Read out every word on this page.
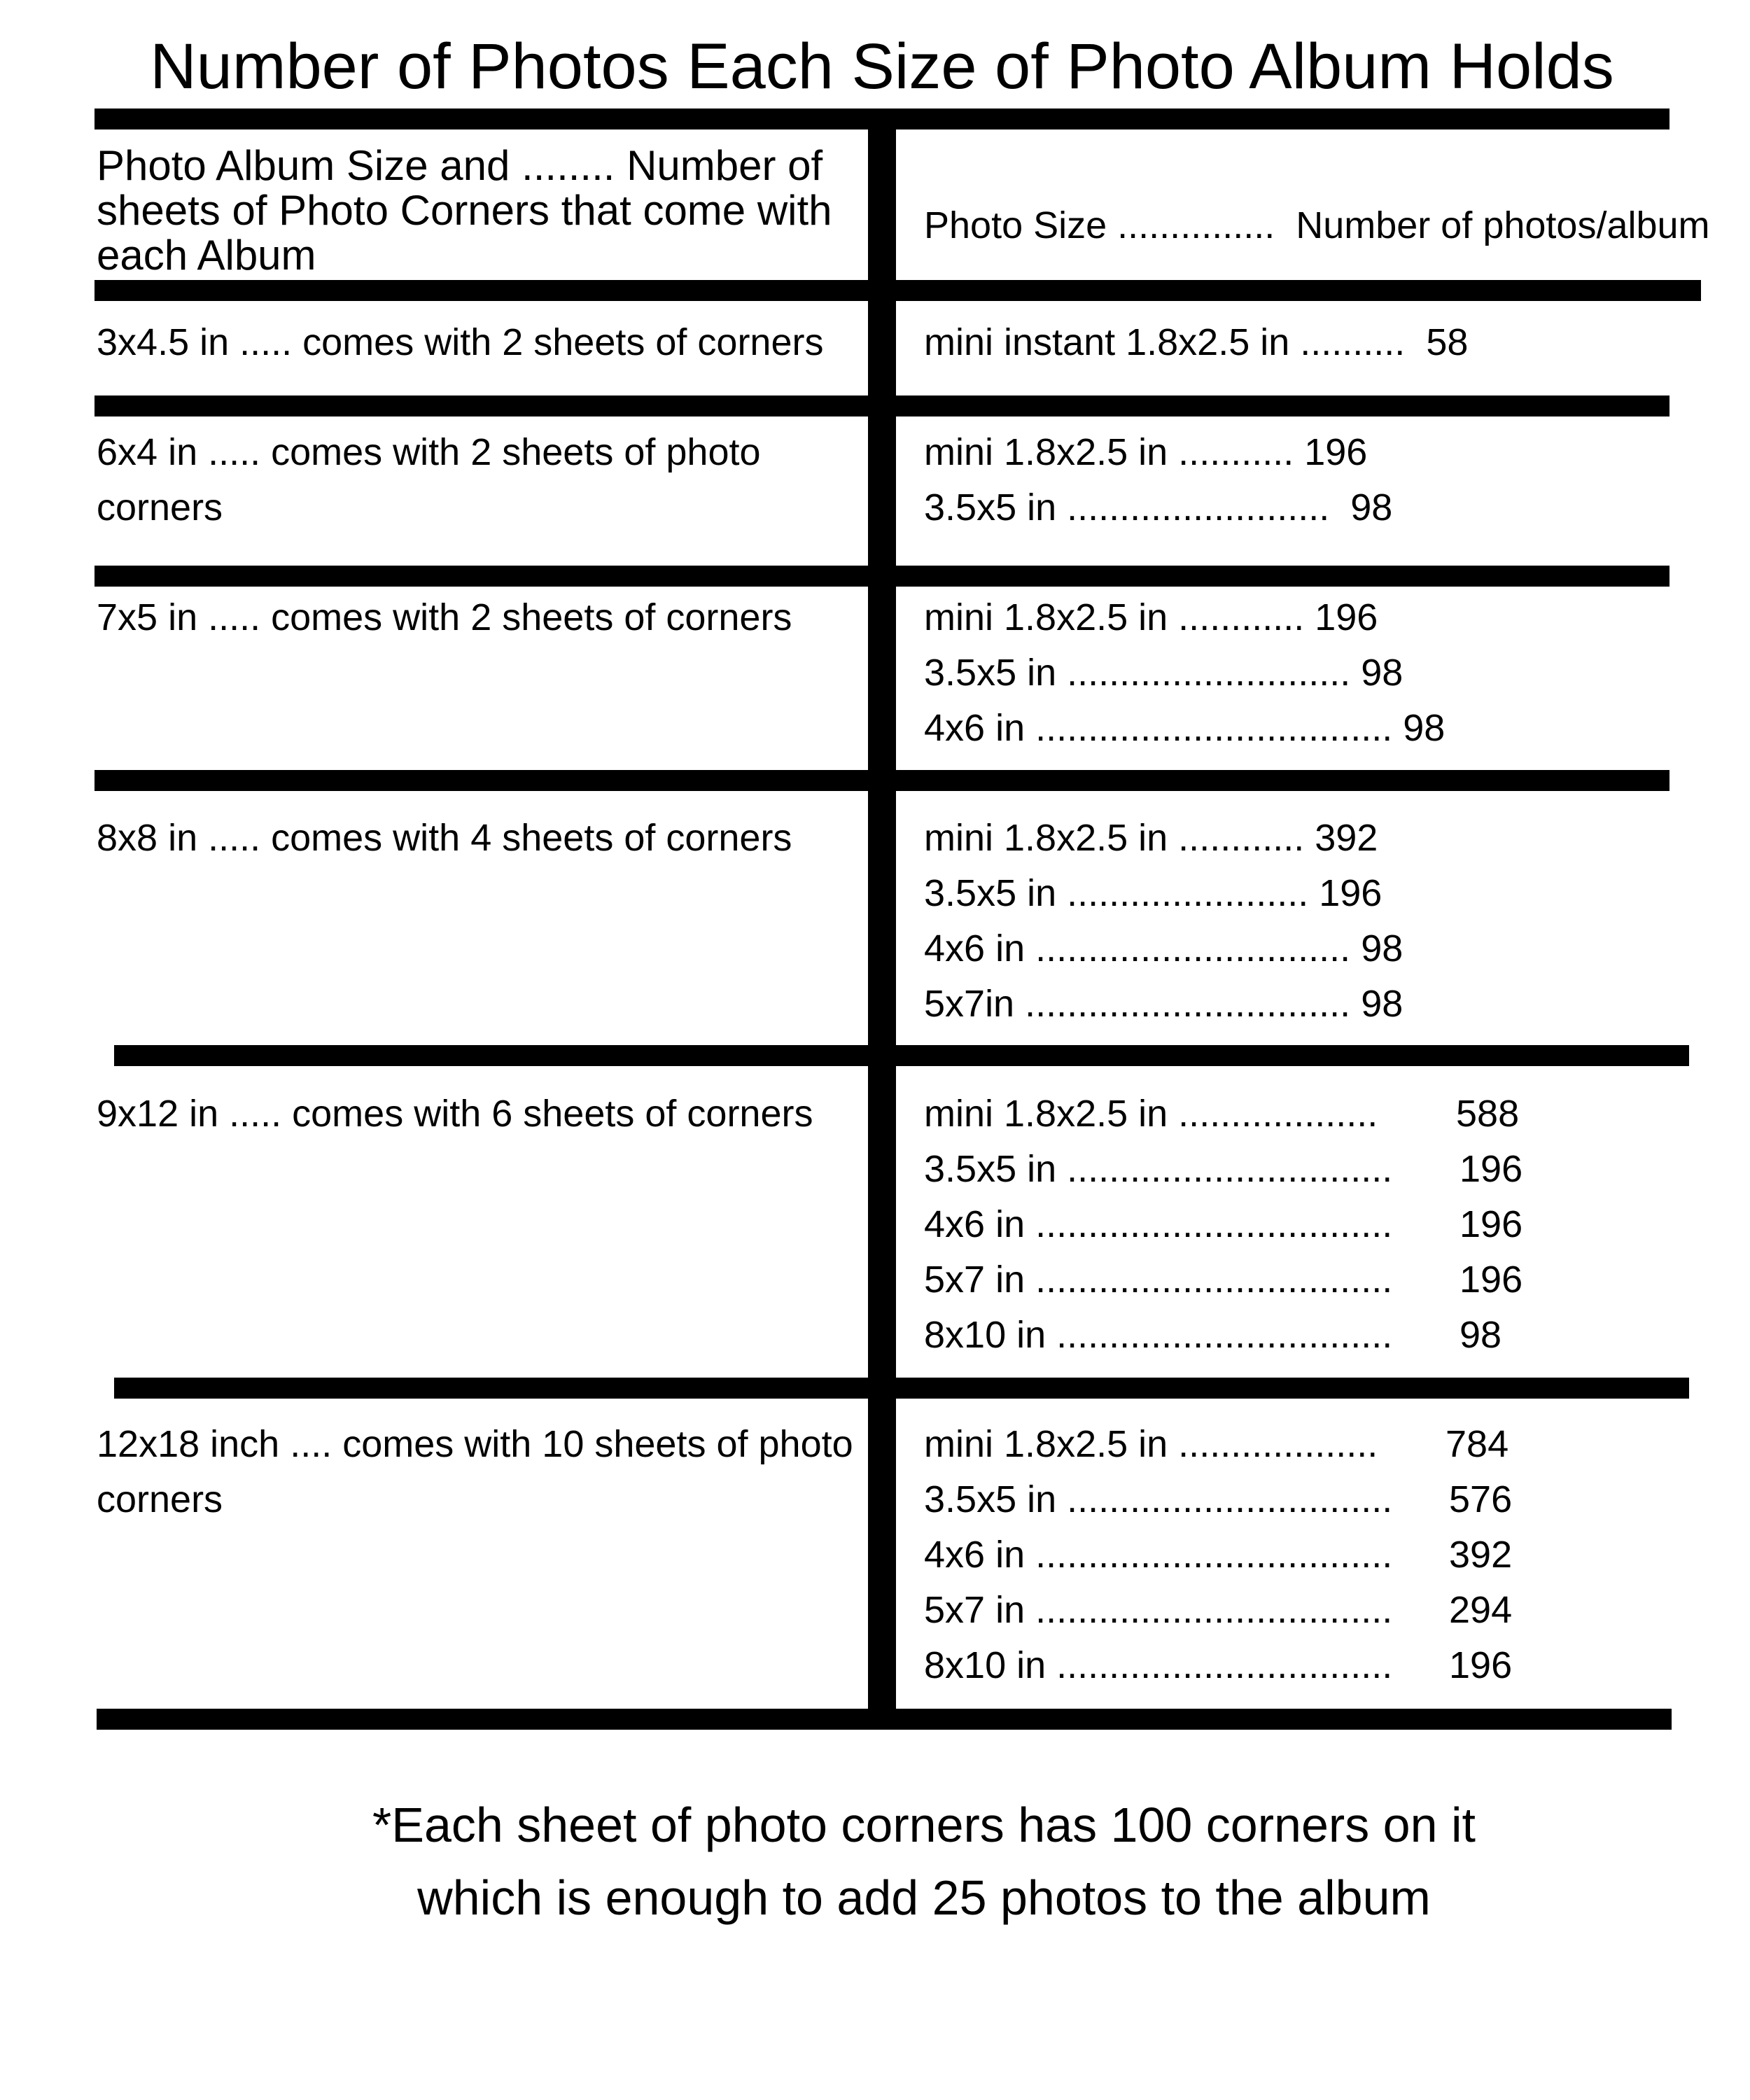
Number of Photos Each Size of Photo Album Holds
Photo Album Size and ........ Number of sheets of Photo Corners that come with each Album
Photo Size ...............  Number of photos/album
3x4.5 in ..... comes with 2 sheets of corners	mini instant 1.8x2.5 in ..........  58
6x4 in ..... comes with 2 sheets of photo corners
mini 1.8x2.5 in ........... 196
3.5x5 in .........................  98
7x5 in ..... comes with 2 sheets of corners	mini 1.8x2.5 in ............ 196
3.5x5 in ........................... 98
4x6 in .................................. 98
8x8 in ..... comes with 4 sheets of corners	mini 1.8x2.5 in ............ 392
3.5x5 in ....................... 196
4x6 in .............................. 98
5x7in ............................... 98
9x12 in ..... comes with 6 sheets of corners	mini 1.8x2.5 in ................... 588
3.5x5 in ............................... 196
4x6 in .................................. 196
5x7 in .................................. 196
8x10 in ................................ 98
12x18 inch .... comes with 10 sheets of photo corners
mini 1.8x2.5 in ................... 784
3.5x5 in ............................... 576
4x6 in .................................. 392
5x7 in .................................. 294
8x10 in ................................ 196
*Each sheet of photo corners has 100 corners on it
which is enough to add 25 photos to the album
